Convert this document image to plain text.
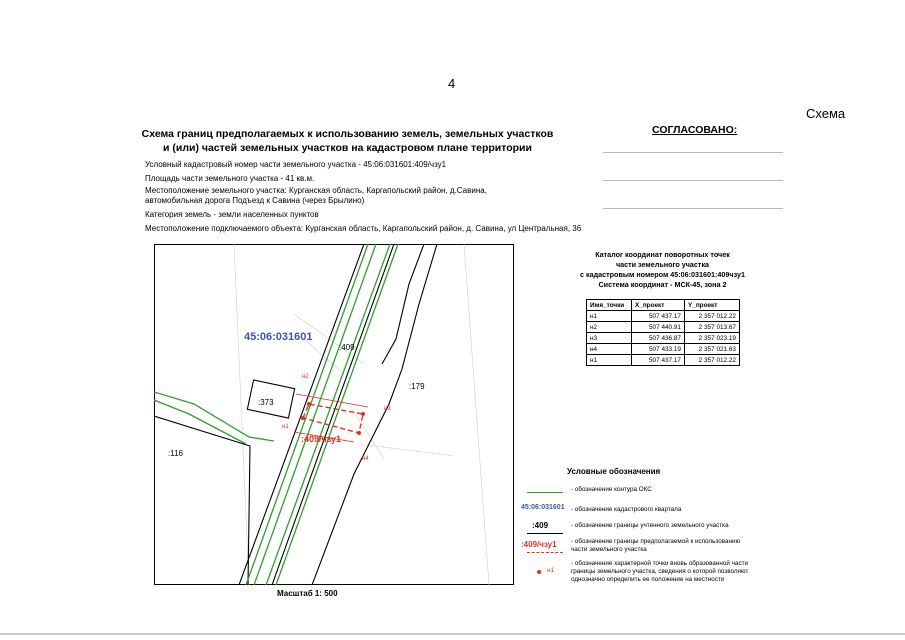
4
Схема
Схема границ предполагаемых к использованию земель, земельных участков
и (или) частей земельных участков на кадастровом плане территории
СОГЛАСОВАНО:
Условный кадастровый номер части земельного участка - 45:06:031601:409/чзу1
Площадь части земельного участка - 41 кв.м.
Местоположение земельного участка: Курганская область, Каргапольский район, д.Савина,
автомобильная дорога Подъезд к Савина (через Брылино)
Категория земель - земли населенных пунктов
Местоположение подключаемого объекта: Курганская область, Каргапольский район, д. Савина, ул Центральная, 36
45:06:031601
:409
:179
:373
:116
:409/чзу1
н1
н2
н3
н4
Каталог координат поворотных точек
части земельного участка
с кадастровым номером 45:06:031601:409чзу1
Система координат - МСК-45, зона 2
Имя_точки	X_проект	Y_проект
н1	507 437.17	2 357 012.22
н2	507 440.91	2 357 013.67
н3	507 436.87	2 357 023.19
н4	507 433.19	2 357 021.63
н1	507 437.17	2 357 012.22
Условные обозначения
- обозначение контура ОКС
45:06:031601 - обозначение кадастрового квартала
:409	- обозначение границы учтенного земельного участка
:409/чзу1 - обозначение границы предполагаемой к использованию
части земельного участка
н1
- обозначение характерной точки вновь образованной части
границы земельного участка, сведения о которой позволяют
однозначно определить ее положение на местности
Масштаб 1: 500
